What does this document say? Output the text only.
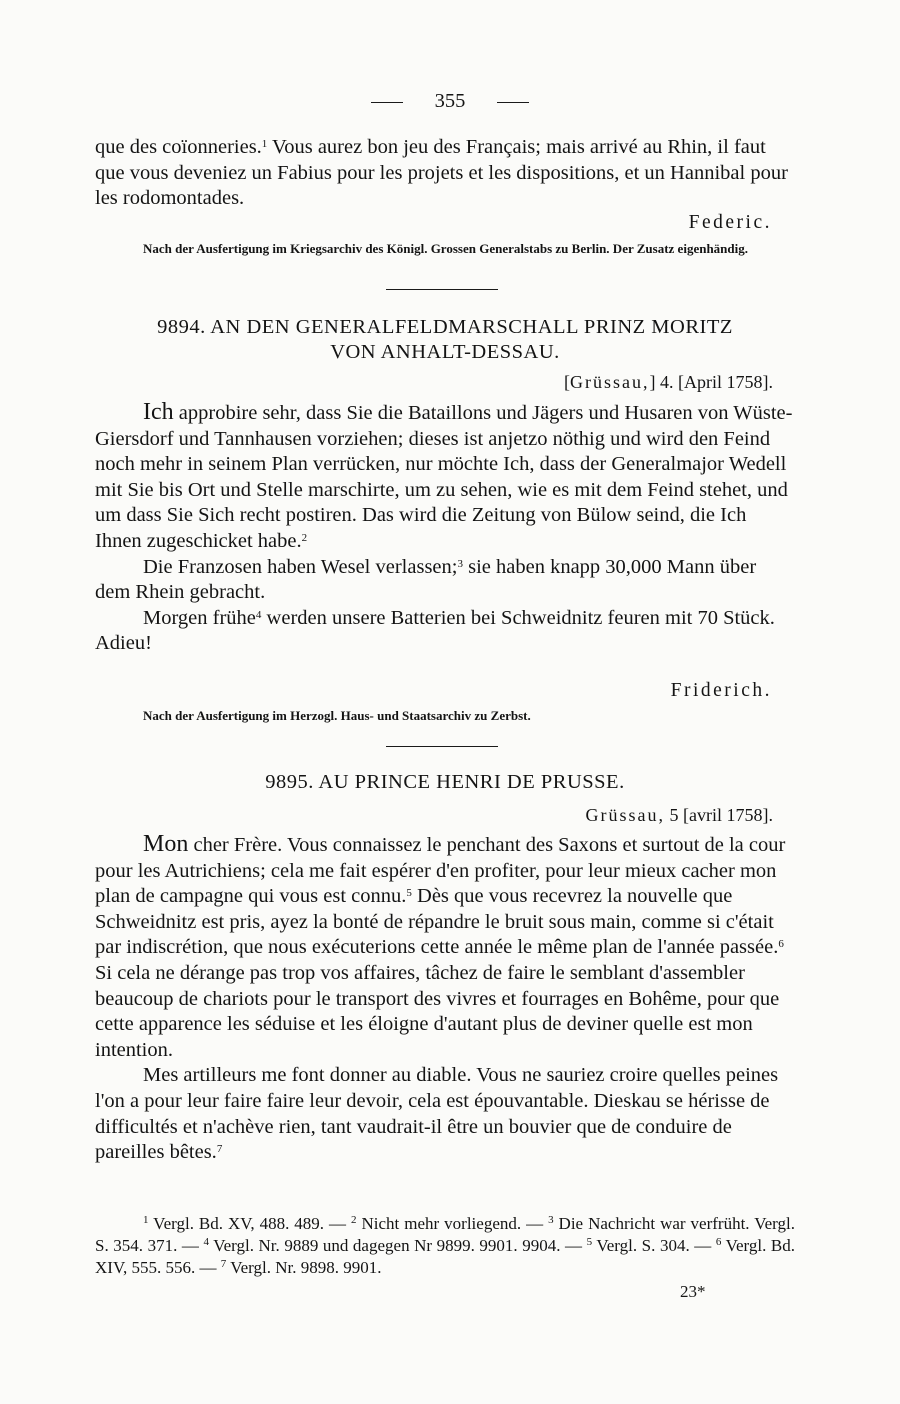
355

que des coïonneries.$^1$ Vous aurez bon jeu des Français; mais arrivé au Rhin, il faut que vous deveniez un Fabius pour les projets et les dispositions, et un Hannibal pour les rodomontades.

Federic.
Nach der Ausfertigung im Kriegsarchiv des Königl. Grossen Generalstabs zu Berlin. Der Zusatz eigenhändig.
9894. AN DEN GENERALFELDMARSCHALL PRINZ MORITZ
VON ANHALT-DESSAU.
[Grüssau,] 4. [April 1758].

Ich approbire sehr, dass Sie die Bataillons und Jägers und Husaren von Wüste-Giersdorf und Tannhausen vorziehen; dieses ist anjetzo nöthig und wird den Feind noch mehr in seinem Plan verrücken, nur möchte Ich, dass der Generalmajor Wedell mit Sie bis Ort und Stelle marschirte, um zu sehen, wie es mit dem Feind stehet, und um dass Sie Sich recht postiren. Das wird die Zeitung von Bülow seind, die Ich Ihnen zugeschicket habe.$^2$

Die Franzosen haben Wesel verlassen;$^3$ sie haben knapp 30,000 Mann über dem Rhein gebracht.

Morgen frühe$^4$ werden unsere Batterien bei Schweidnitz feuren mit 70 Stück. Adieu!

Friderich.
Nach der Ausfertigung im Herzogl. Haus- und Staatsarchiv zu Zerbst.
9895. AU PRINCE HENRI DE PRUSSE.
Grüssau, 5 [avril 1758].

Mon cher Frère. Vous connaissez le penchant des Saxons et surtout de la cour pour les Autrichiens; cela me fait espérer d'en profiter, pour leur mieux cacher mon plan de campagne qui vous est connu.$^5$ Dès que vous recevrez la nouvelle que Schweidnitz est pris, ayez la bonté de répandre le bruit sous main, comme si c'était par indiscrétion, que nous exécuterions cette année le même plan de l'année passée.$^6$ Si cela ne dérange pas trop vos affaires, tâchez de faire le semblant d'assembler beaucoup de chariots pour le transport des vivres et fourrages en Bohême, pour que cette apparence les séduise et les éloigne d'autant plus de deviner quelle est mon intention.

Mes artilleurs me font donner au diable. Vous ne sauriez croire quelles peines l'on a pour leur faire faire leur devoir, cela est épouvantable. Dieskau se hérisse de difficultés et n'achève rien, tant vaudrait-il être un bouvier que de conduire de pareilles bêtes.$^7$

$^1$ Vergl. Bd. XV, 488. 489. — $^2$ Nicht mehr vorliegend. — $^3$ Die Nachricht war verfrüht. Vergl. S. 354. 371. — $^4$ Vergl. Nr. 9889 und dagegen Nr 9899. 9901. 9904. — $^5$ Vergl. S. 304. — $^6$ Vergl. Bd. XIV, 555. 556. — $^7$ Vergl. Nr. 9898. 9901.

23*
